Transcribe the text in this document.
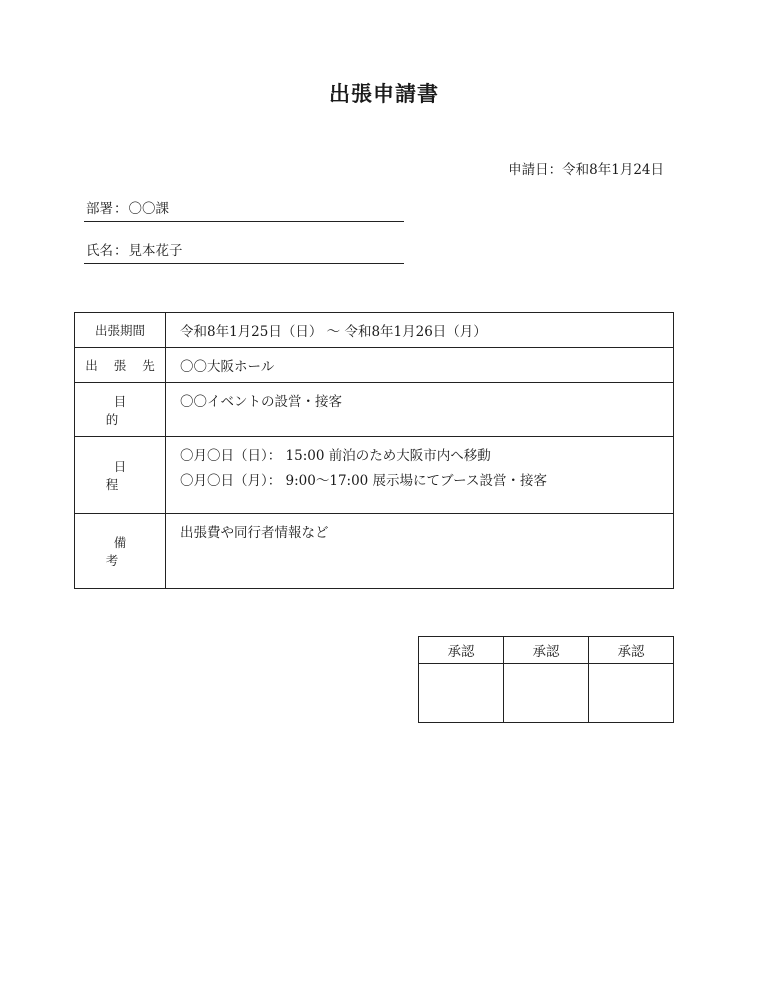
出張申請書
申請日：令和8年1月24日
部署：〇〇課
氏名：見本花子
出張期間	令和8年1月25日（日） ～ 令和8年1月26日（月）
出 張 先	〇〇大阪ホール
目 的	〇〇イベントの設営・接客
日 程	〇月〇日（日）： 15:00 前泊のため大阪市内へ移動
〇月〇日（月）： 9:00～17:00 展示場にてブース設営・接客

備 考	出張費や同行者情報など
承認	承認	承認
